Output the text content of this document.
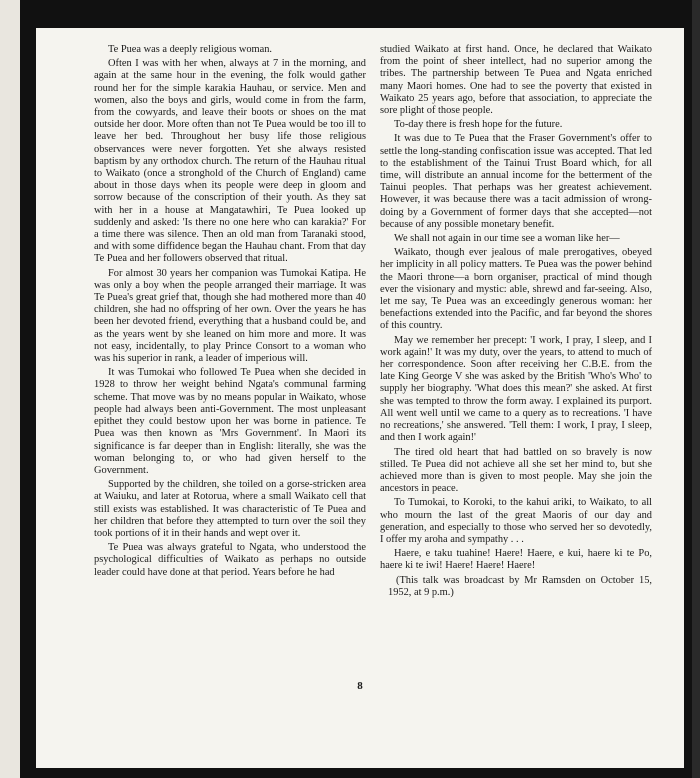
Te Puea was a deeply religious woman.

Often I was with her when, always at 7 in the morning, and again at the same hour in the evening, the folk would gather round her for the simple karakia Hauhau, or service. Men and women, also the boys and girls, would come in from the farm, from the cowyards, and leave their boots or shoes on the mat outside her door. More often than not Te Puea would be too ill to leave her bed. Throughout her busy life those religious observances were never forgotten. Yet she always resisted baptism by any orthodox church. The return of the Hauhau ritual to Waikato (once a stronghold of the Church of England) came about in those days when its people were deep in gloom and sorrow because of the conscription of their youth. As they sat with her in a house at Mangatawhiri, Te Puea looked up suddenly and asked: 'Is there no one here who can karakia?' For a time there was silence. Then an old man from Taranaki stood, and with some diffidence began the Hauhau chant. From that day Te Puea and her followers observed that ritual.

For almost 30 years her companion was Tumokai Katipa. He was only a boy when the people arranged their marriage. It was Te Puea's great grief that, though she had mothered more than 40 children, she had no offspring of her own. Over the years he has been her devoted friend, everything that a husband could be, and as the years went by she leaned on him more and more. It was not easy, incidentally, to play Prince Consort to a woman who was his superior in rank, a leader of imperious will.

It was Tumokai who followed Te Puea when she decided in 1928 to throw her weight behind Ngata's communal farming scheme. That move was by no means popular in Waikato, whose people had always been anti-Government. The most unpleasant epithet they could bestow upon her was borne in patience. Te Puea was then known as 'Mrs Government'. In Maori its significance is far deeper than in English: literally, she was the woman belonging to, or who had given herself to the Government.

Supported by the children, she toiled on a gorse-stricken area at Waiuku, and later at Rotorua, where a small Waikato cell that still exists was established. It was characteristic of Te Puea and her children that before they attempted to turn over the soil they took portions of it in their hands and wept over it.

Te Puea was always grateful to Ngata, who understood the psychological difficulties of Waikato as perhaps no outside leader could have done at that period. Years before he had

studied Waikato at first hand. Once, he declared that Waikato from the point of sheer intellect, had no superior among the tribes. The partnership between Te Puea and Ngata enriched many Maori homes. One had to see the poverty that existed in Waikato 25 years ago, before that association, to appreciate the sore plight of those people.

To-day there is fresh hope for the future.

It was due to Te Puea that the Fraser Government's offer to settle the long-standing confiscation issue was accepted. That led to the establishment of the Tainui Trust Board which, for all time, will distribute an annual income for the betterment of the Tainui peoples. That perhaps was her greatest achievement. However, it was because there was a tacit admission of wrong-doing by a Government of former days that she accepted—not because of any possible monetary benefit.

We shall not again in our time see a woman like her—

Waikato, though ever jealous of male prerogatives, obeyed her implicity in all policy matters. Te Puea was the power behind the Maori throne—a born organiser, practical of mind though ever the visionary and mystic: able, shrewd and far-seeing. Also, let me say, Te Puea was an exceedingly generous woman: her benefactions extended into the Pacific, and far beyond the shores of this country.

May we remember her precept: 'I work, I pray, I sleep, and I work again!' It was my duty, over the years, to attend to much of her correspondence. Soon after receiving her C.B.E. from the late King George V she was asked by the British 'Who's Who' to supply her biography. 'What does this mean?' she asked. At first she was tempted to throw the form away. I explained its purport. All went well until we came to a query as to recreations. 'I have no recreations,' she answered. 'Tell them: I work, I pray, I sleep, and then I work again!'

The tired old heart that had battled on so bravely is now stilled. Te Puea did not achieve all she set her mind to, but she achieved more than is given to most people. May she join the ancestors in peace.

To Tumokai, to Koroki, to the kahui ariki, to Waikato, to all who mourn the last of the great Maoris of our day and generation, and especially to those who served her so devotedly, I offer my aroha and sympathy . . .

Haere, e taku tuahine! Haere! Haere, e kui, haere ki te Po, haere ki te iwi! Haere! Haere! Haere!

(This talk was broadcast by Mr Ramsden on October 15, 1952, at 9 p.m.)

8
